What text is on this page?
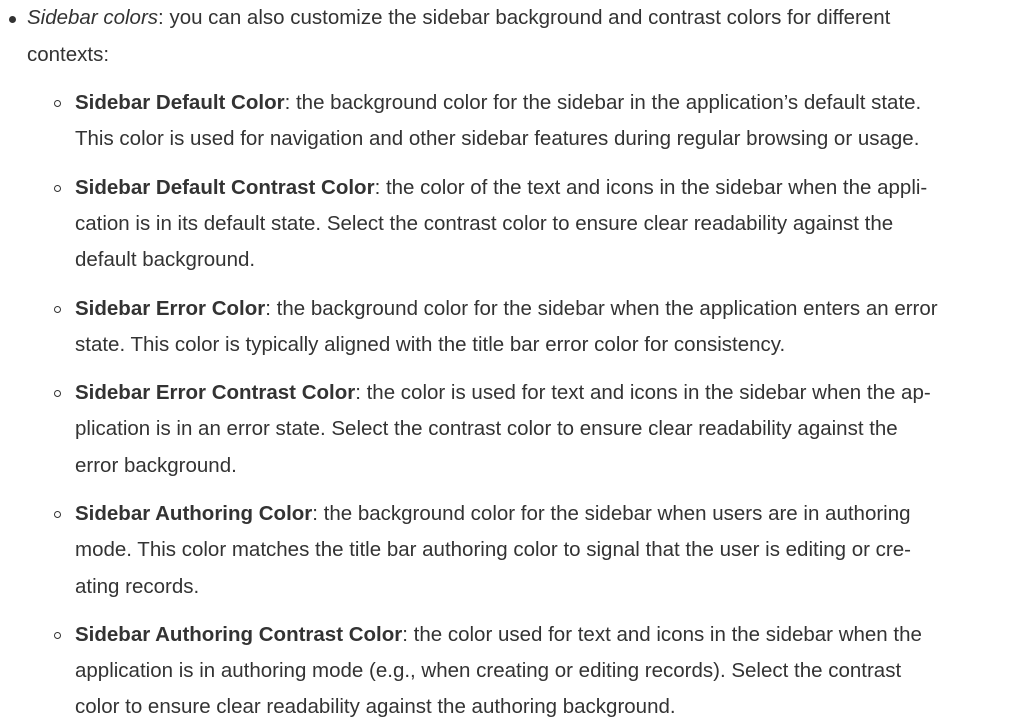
Sidebar colors: you can also customize the sidebar background and contrast colors for different
contexts:
Sidebar Default Color: the background color for the sidebar in the application’s default state.
This color is used for navigation and other sidebar features during regular browsing or usage.
Sidebar Default Contrast Color: the color of the text and icons in the sidebar when the appli-
cation is in its default state. Select the contrast color to ensure clear readability against the
default background.
Sidebar Error Color: the background color for the sidebar when the application enters an error
state. This color is typically aligned with the title bar error color for consistency.
Sidebar Error Contrast Color: the color is used for text and icons in the sidebar when the ap-
plication is in an error state. Select the contrast color to ensure clear readability against the
error background.
Sidebar Authoring Color: the background color for the sidebar when users are in authoring
mode. This color matches the title bar authoring color to signal that the user is editing or cre-
ating records.
Sidebar Authoring Contrast Color: the color used for text and icons in the sidebar when the
application is in authoring mode (e.g., when creating or editing records). Select the contrast
color to ensure clear readability against the authoring background.
